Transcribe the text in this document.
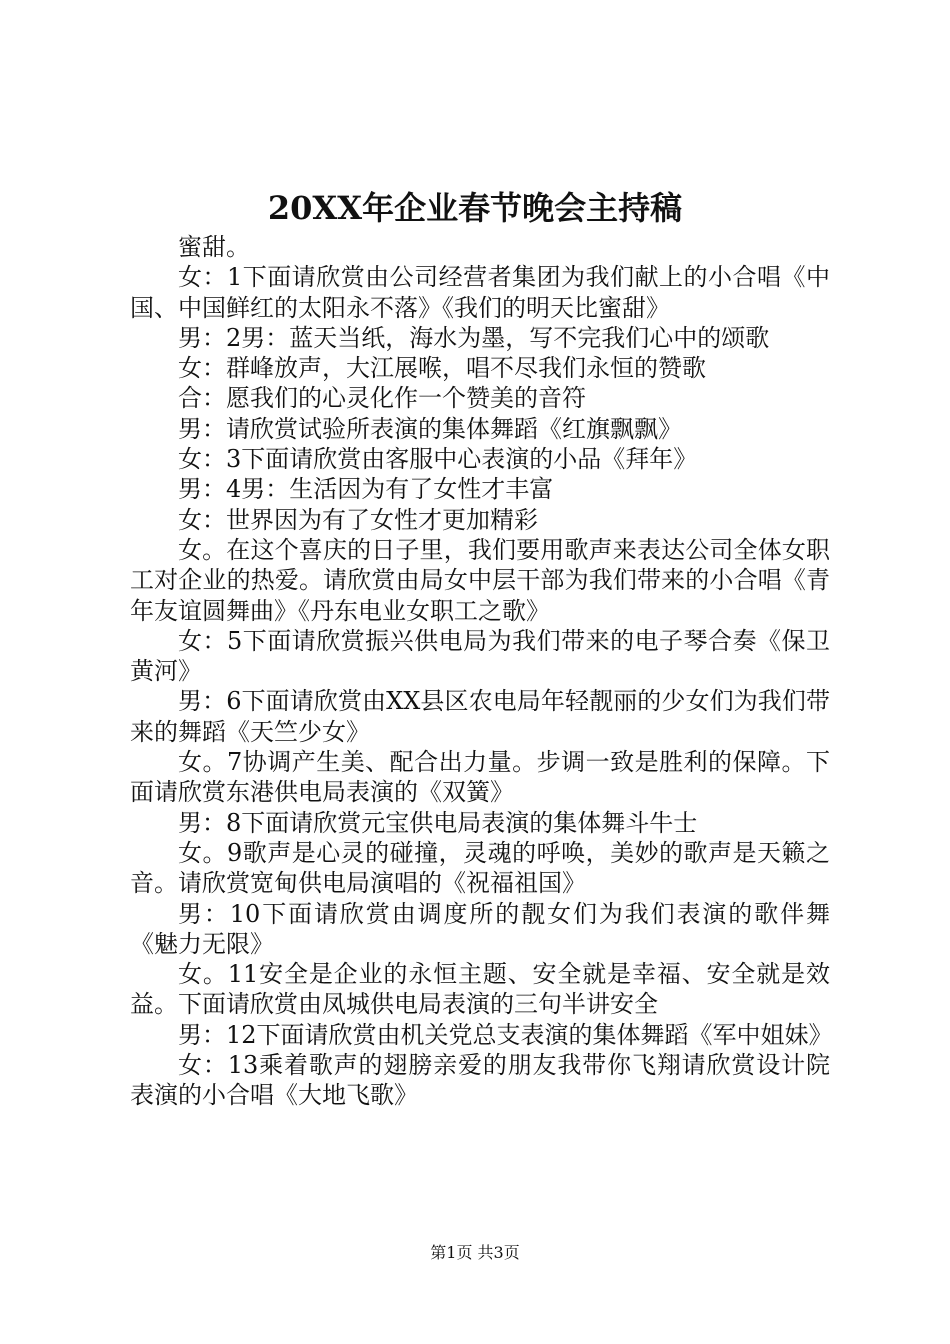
20XX年企业春节晚会主持稿

蜜甜。

女：1下面请欣赏由公司经营者集团为我们献上的小合唱《中国、中国鲜红的太阳永不落》《我们的明天比蜜甜》

男：2男：蓝天当纸，海水为墨，写不完我们心中的颂歌

女：群峰放声，大江展喉，唱不尽我们永恒的赞歌

合：愿我们的心灵化作一个赞美的音符

男：请欣赏试验所表演的集体舞蹈《红旗飘飘》

女：3下面请欣赏由客服中心表演的小品《拜年》

男：4男：生活因为有了女性才丰富

女：世界因为有了女性才更加精彩

女。在这个喜庆的日子里，我们要用歌声来表达公司全体女职工对企业的热爱。请欣赏由局女中层干部为我们带来的小合唱《青年友谊圆舞曲》《丹东电业女职工之歌》

女：5下面请欣赏振兴供电局为我们带来的电子琴合奏《保卫黄河》

男：6下面请欣赏由XX县区农电局年轻靓丽的少女们为我们带来的舞蹈《天竺少女》

女。7协调产生美、配合出力量。步调一致是胜利的保障。下面请欣赏东港供电局表演的《双簧》

男：8下面请欣赏元宝供电局表演的集体舞斗牛士

女。9歌声是心灵的碰撞，灵魂的呼唤，美妙的歌声是天籁之音。请欣赏宽甸供电局演唱的《祝福祖国》

男：10下面请欣赏由调度所的靓女们为我们表演的歌伴舞《魅力无限》

女。11安全是企业的永恒主题、安全就是幸福、安全就是效益。下面请欣赏由凤城供电局表演的三句半讲安全

男：12下面请欣赏由机关党总支表演的集体舞蹈《军中姐妹》

女：13乘着歌声的翅膀亲爱的朋友我带你飞翔请欣赏设计院表演的小合唱《大地飞歌》

第1页 共3页
